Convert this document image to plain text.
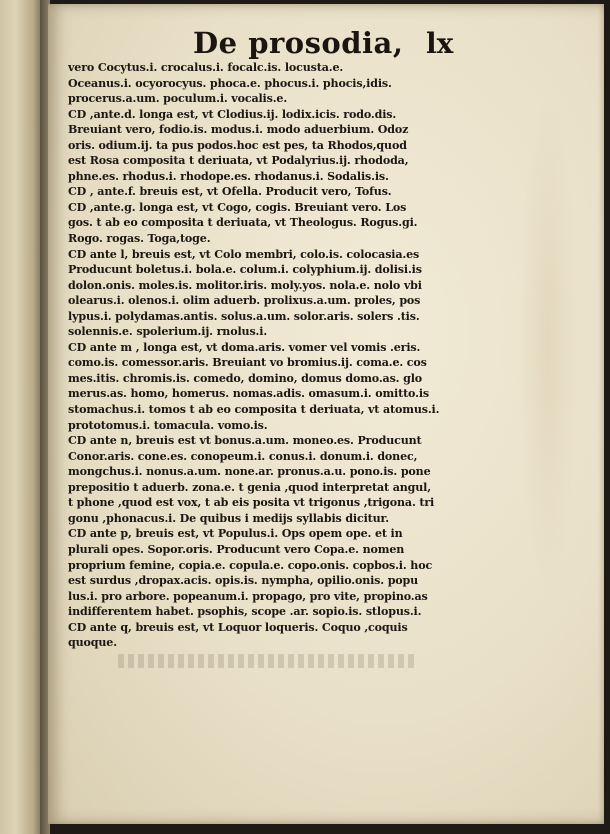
De prosodia, lx
vero Cocytus.i. crocalus.i. focalc.is. locusta.e.
Oceanus.i. ocyorocyus. phoca.e. phocus.i. phocis,idis.
procerus.a.um. poculum.i. vocalis.e.
CD ,ante.d. longa est, vt Clodius.ij. lodix.icis. rodo.dis.
Breuiant vero, fodio.is. modus.i. modo aduerbium. Odoz
oris. odium.ij. ta pus podos.hoc est pes, ta Rhodos,quod
est Rosa composita t deriuata, vt Podalyrius.ij. rhododa,
phne.es. rhodus.i. rhodope.es. rhodanus.i. Sodalis.is.
CD , ante.f. breuis est, vt Ofella. Producit vero, Tofus.
CD ,ante.g. longa est, vt Cogo, cogis. Breuiant vero. Los
gos. t ab eo composita t deriuata, vt Theologus. Rogus.gi.
Rogo. rogas. Toga,toge.
CD ante l, breuis est, vt Colo membri, colo.is. colocasia.es
Producunt boletus.i. bola.e. colum.i. colyphium.ij. dolisi.is
dolon.onis. moles.is. molitor.iris. moly.yos. nola.e. nolo vbi
olearus.i. olenos.i. olim aduerb. prolixus.a.um. proles, pos
lypus.i. polydamas.antis. solus.a.um. solor.aris. solers .tis.
solennis.e. spolerium.ij. rnolus.i.
CD ante m , longa est, vt doma.aris. vomer vel vomis .eris.
como.is. comessor.aris. Breuiant vo bromius.ij. coma.e. cos
mes.itis. chromis.is. comedo, domino, domus domo.as. glo
merus.as. homo, homerus. nomas.adis. omasum.i. omitto.is
stomachus.i. tomos t ab eo composita t deriuata, vt atomus.i.
prototomus.i. tomacula. vomo.is.
CD ante n, breuis est vt bonus.a.um. moneo.es. Producunt
Conor.aris. cone.es. conopeum.i. conus.i. donum.i. donec,
mongchus.i. nonus.a.um. none.ar. pronus.a.u. pono.is. pone
prepositio t aduerb. zona.e. t genia ,quod interpretat angul,
t phone ,quod est vox, t ab eis posita vt trigonus ,trigona. tri
gonu ,phonacus.i. De quibus i medijs syllabis dicitur.
CD ante p, breuis est, vt Populus.i. Ops opem ope. et in
plurali opes. Sopor.oris. Producunt vero Copa.e. nomen
proprium femine, copia.e. copula.e. copo.onis. copbos.i. hoc
est surdus ,dropax.acis. opis.is. nympha, opilio.onis. popu
lus.i. pro arbore. popeanum.i. propago, pro vite, propino.as
indifferentem habet. psophis, scope .ar. sopio.is. stlopus.i.
CD ante q, breuis est, vt Loquor loqueris. Coquo ,coquis
quoque.
